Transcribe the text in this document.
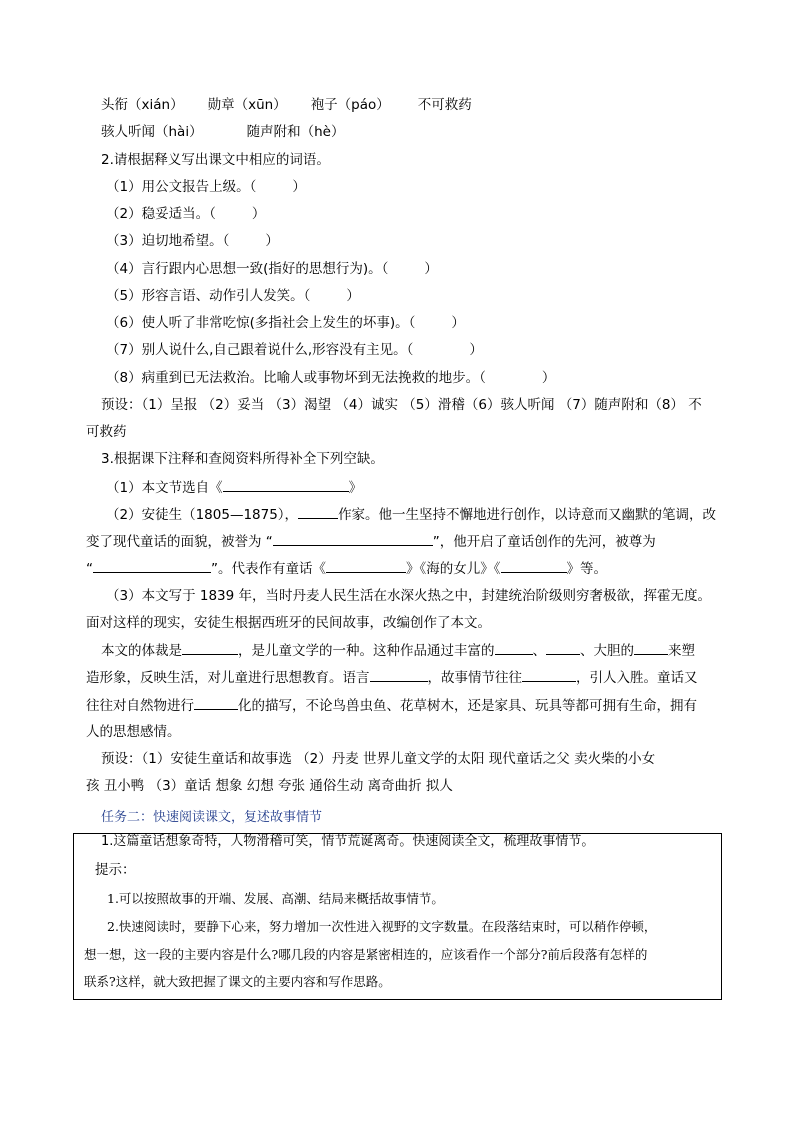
头衔（xián） 勋章（xūn） 袍子（páo） 不可救药
骇人听闻（hài）	随声附和（hè）
2.请根据释义写出课文中相应的词语。
（1）用公文报告上级。（	）
（2）稳妥适当。（	）
（3）迫切地希望。（	）
（4）言行跟内心思想一致(指好的思想行为)。（	）
（5）形容言语、动作引人发笑。（	）
（6）使人听了非常吃惊(多指社会上发生的坏事)。（	）
（7）别人说什么,自己跟着说什么,形容没有主见。（	）
（8）病重到已无法救治。比喻人或事物坏到无法挽救的地步。（	）
预设：（1）呈报 （2）妥当 （3）渴望 （4）诚实 （5）滑稽（6）骇人听闻 （7）随声附和（8） 不
可救药
3.根据课下注释和查阅资料所得补全下列空缺。
（1）本文节选自《	》
（2）安徒生（1805—1875），	作家。他一生坚持不懈地进行创作，以诗意而又幽默的笔调，改
变了现代童话的面貌，被誉为 “	”，他开启了童话创作的先河，被尊为
“	”。代表作有童话《	》《海的女儿》《	》等。
（3）本文写于 1839 年，当时丹麦人民生活在水深火热之中，封建统治阶级则穷奢极欲，挥霍无度。
面对这样的现实，安徒生根据西班牙的民间故事，改编创作了本文。
本文的体裁是	，是儿童文学的一种。这种作品通过丰富的	、	、大胆的	来塑
造形象，反映生活，对儿童进行思想教育。语言	，故事情节往往	，引人入胜。童话又
往往对自然物进行	化的描写，不论鸟兽虫鱼、花草树木，还是家具、玩具等都可拥有生命，拥有
人的思想感情。
预设：（1）安徒生童话和故事选 （2）丹麦 世界儿童文学的太阳 现代童话之父 卖火柴的小女
孩 丑小鸭 （3）童话 想象 幻想 夸张 通俗生动 离奇曲折 拟人
任务二：快速阅读课文，复述故事情节
1.这篇童话想象奇特，人物滑稽可笑，情节荒诞离奇。快速阅读全文，梳理故事情节。
提示：
1.可以按照故事的开端、发展、高潮、结局来概括故事情节。
2.快速阅读时，要静下心来，努力增加一次性进入视野的文字数量。在段落结束时，可以稍作停顿，
想一想，这一段的主要内容是什么?哪几段的内容是紧密相连的，应该看作一个部分?前后段落有怎样的
联系?这样，就大致把握了课文的主要内容和写作思路。
